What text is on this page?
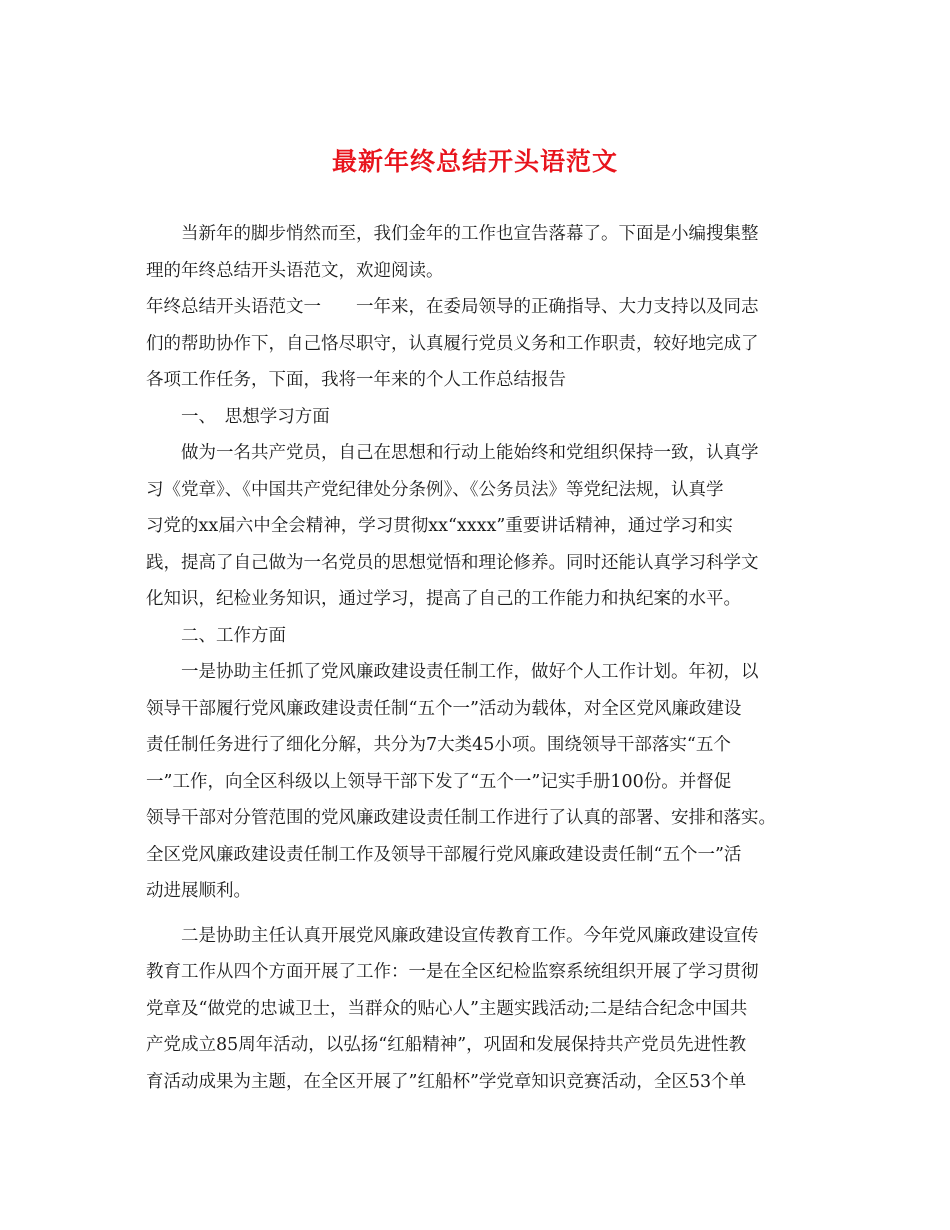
最新年终总结开头语范文
当新年的脚步悄然而至，我们金年的工作也宣告落幕了。下面是小编搜集整
理的年终总结开头语范文，欢迎阅读。
年终总结开头语范文一　　一年来，在委局领导的正确指导、大力支持以及同志
们的帮助协作下，自己恪尽职守，认真履行党员义务和工作职责，较好地完成了
各项工作任务，下面，我将一年来的个人工作总结报告
一、　思想学习方面
做为一名共产党员，自己在思想和行动上能始终和党组织保持一致，认真学
习《党章》、《中国共产党纪律处分条例》、《公务员法》等党纪法规，认真学
习党的xx届六中全会精神，学习贯彻xx“xxxx”重要讲话精神，通过学习和实
践，提高了自己做为一名党员的思想觉悟和理论修养。同时还能认真学习科学文
化知识，纪检业务知识，通过学习，提高了自己的工作能力和执纪案的水平。
二、工作方面
一是协助主任抓了党风廉政建设责任制工作，做好个人工作计划。年初，以
领导干部履行党风廉政建设责任制“五个一”活动为载体，对全区党风廉政建设
责任制任务进行了细化分解，共分为7大类45小项。围绕领导干部落实“五个
一”工作，向全区科级以上领导干部下发了“五个一”记实手册100份。并督促
领导干部对分管范围的党风廉政建设责任制工作进行了认真的部署、安排和落实。
全区党风廉政建设责任制工作及领导干部履行党风廉政建设责任制“五个一”活
动进展顺利。
二是协助主任认真开展党风廉政建设宣传教育工作。今年党风廉政建设宣传
教育工作从四个方面开展了工作：一是在全区纪检监察系统组织开展了学习贯彻
党章及“做党的忠诚卫士，当群众的贴心人”主题实践活动;二是结合纪念中国共
产党成立85周年活动，以弘扬“红船精神”，巩固和发展保持共产党员先进性教
育活动成果为主题，在全区开展了”红船杯”学党章知识竞赛活动，全区53个单
